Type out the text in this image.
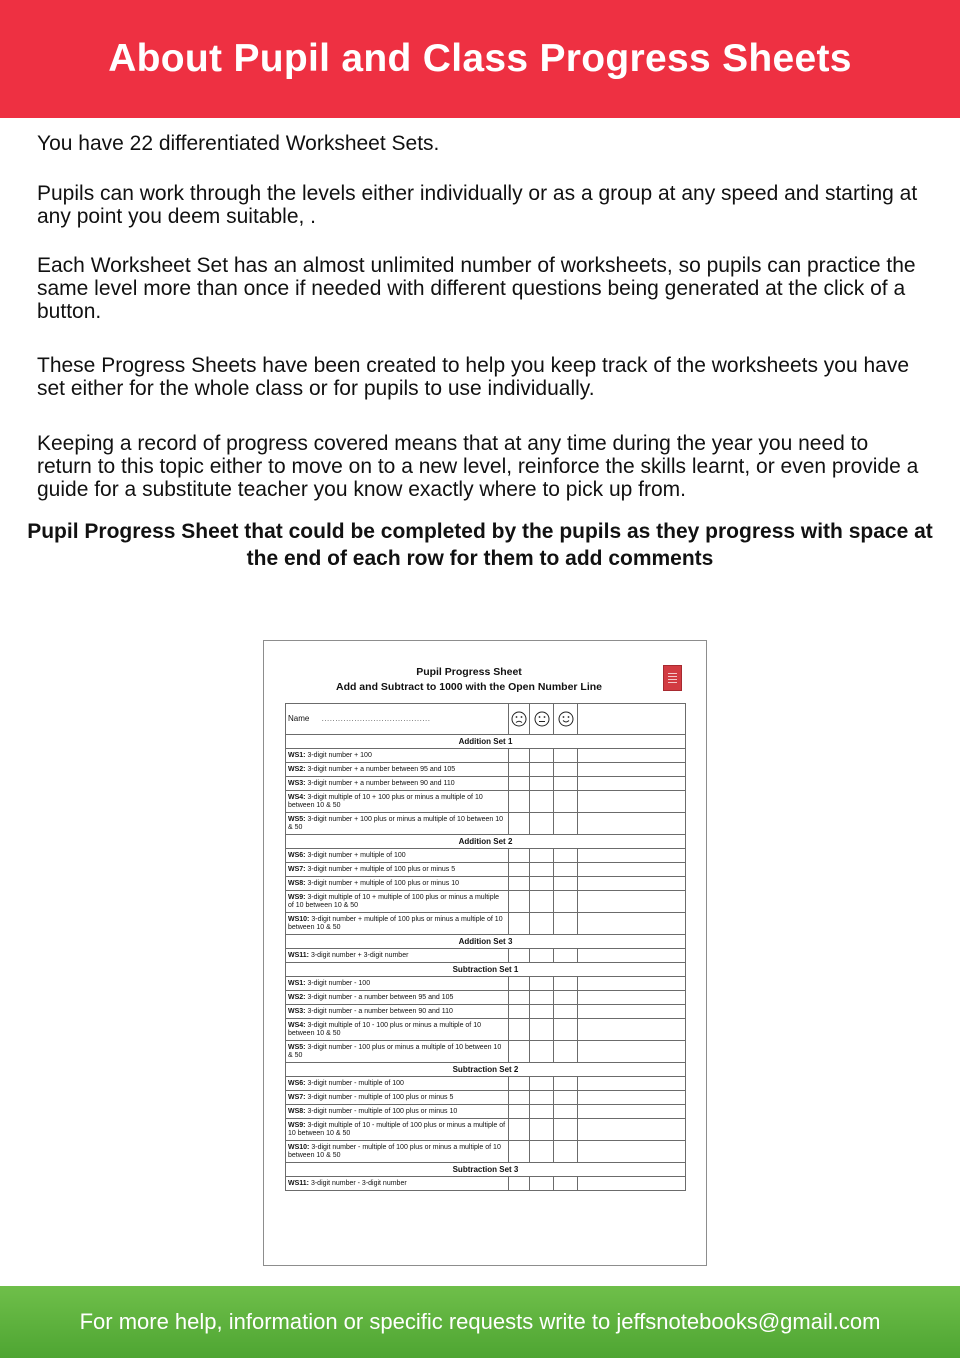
About Pupil and Class Progress Sheets

You have 22 differentiated Worksheet Sets.

Pupils can work through the levels either individually or as a group at any speed and starting at any point you deem suitable, .

Each Worksheet Set has an almost unlimited number of worksheets, so pupils can practice the same level more than once if needed with different questions being generated at the click of a button.

These Progress Sheets have been created to help you keep track of the worksheets you have set either for the whole class or for pupils to use individually.

Keeping a record of progress covered means that at any time during the year you need to return to this topic either to move on to a new level, reinforce the skills learnt, or even provide a guide for a substitute teacher you know exactly where to pick up from.

Pupil Progress Sheet that could be completed by the pupils as they progress with space at the end of each row for them to add comments
Pupil Progress Sheet
Add and Subtract to 1000 with the Open Number Line
Name ........................................	

Addition Set 1				
WS1: 3-digit number + 100				
WS2: 3-digit number + a number between 95 and 105				
WS3: 3-digit number + a number between 90 and 110				
WS4: 3-digit multiple of 10 + 100 plus or minus a multiple of 10 between 10 & 50				
WS5: 3-digit number + 100 plus or minus a multiple of 10 between 10 & 50				
Addition Set 2				
WS6: 3-digit number + multiple of 100				
WS7: 3-digit number + multiple of 100 plus or minus 5				
WS8: 3-digit number + multiple of 100 plus or minus 10				
WS9: 3-digit multiple of 10 + multiple of 100 plus or minus a multiple of 10 between 10 & 50				
WS10: 3-digit number + multiple of 100 plus or minus a multiple of 10 between 10 & 50				
Addition Set 3				
WS11: 3-digit number + 3-digit number				
Subtraction Set 1				
WS1: 3-digit number - 100				
WS2: 3-digit number - a number between 95 and 105				
WS3: 3-digit number - a number between 90 and 110				
WS4: 3-digit multiple of 10 - 100 plus or minus a multiple of 10 between 10 & 50				
WS5: 3-digit number - 100 plus or minus a multiple of 10 between 10 & 50				
Subtraction Set 2				
WS6: 3-digit number - multiple of 100				
WS7: 3-digit number - multiple of 100 plus or minus 5				
WS8: 3-digit number - multiple of 100 plus or minus 10				
WS9: 3-digit multiple of 10 - multiple of 100 plus or minus a multiple of 10 between 10 & 50				
WS10: 3-digit number - multiple of 100 plus or minus a multiple of 10 between 10 & 50				
Subtraction Set 3				
WS11: 3-digit number - 3-digit number				
For more help, information or specific requests write to jeffsnotebooks@gmail.com
